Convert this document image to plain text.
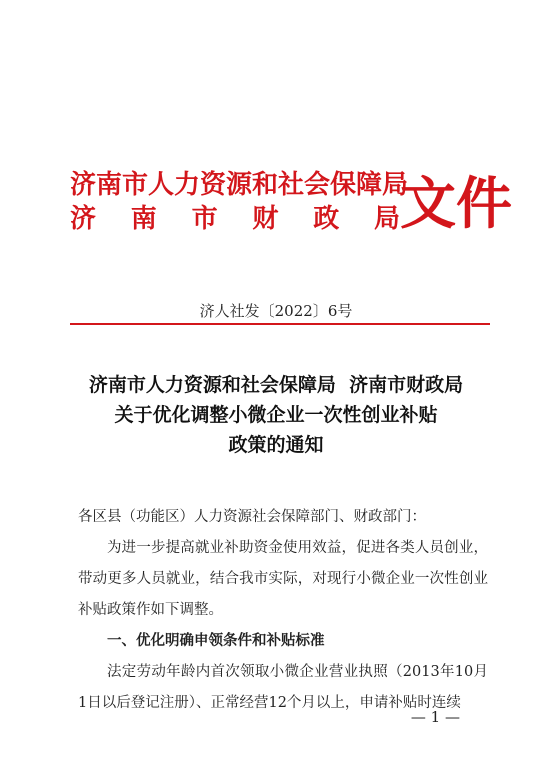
济南市人力资源和社会保障局
济 南 市 财 政 局 文件
济人社发〔2022〕6号
济南市人力资源和社会保障局  济南市财政局
关于优化调整小微企业一次性创业补贴
政策的通知

各区县（功能区）人力资源社会保障部门、财政部门：

为进一步提高就业补助资金使用效益，促进各类人员创业，带动更多人员就业，结合我市实际，对现行小微企业一次性创业补贴政策作如下调整。

一、优化明确申领条件和补贴标准

法定劳动年龄内首次领取小微企业营业执照（2013年10月1日以后登记注册）、正常经营12个月以上，申请补贴时连续

— 1 —
